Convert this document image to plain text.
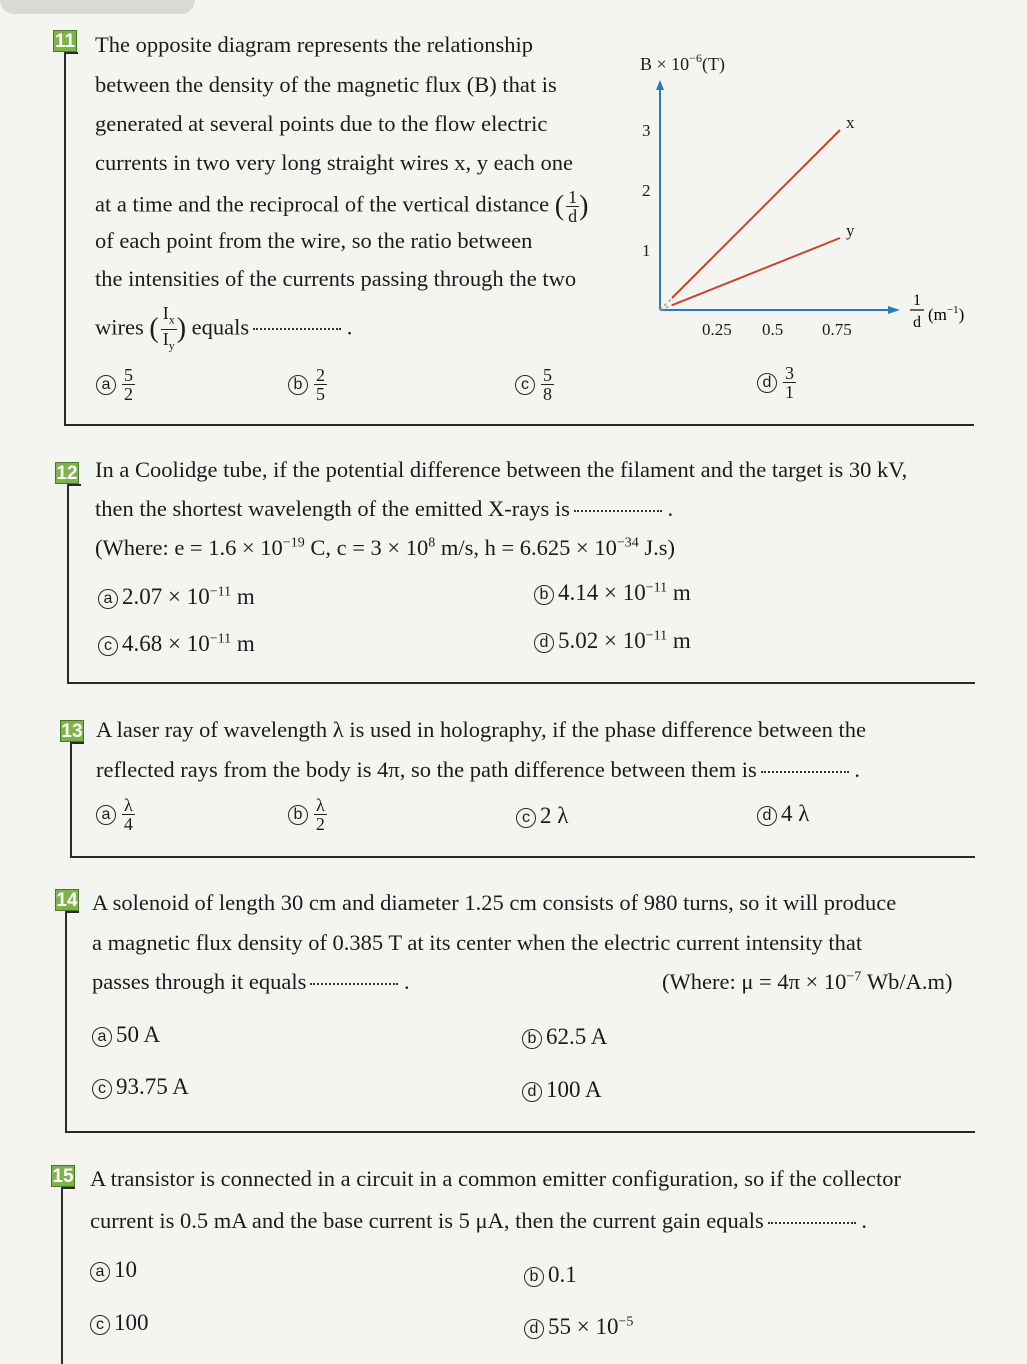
11 The opposite diagram represents the relationship
between the density of the magnetic flux (B) that is
generated at several points due to the flow electric
currents in two very long straight wires x, y each one
at a time and the reciprocal of the vertical distance ( $\frac{1}{d}$ )
of each point from the wire, so the ratio between
the intensities of the currents passing through the two
wires ( $\frac{I_x}{I_y}$ ) equals	.
a $\frac{5}{2}$	b $\frac{2}{5}$	c $\frac{5}{8}$	d $\frac{3}{1}$
$B \times 10^{-6}(T)$
1
2
3
0.25 0.5 0.75
x
y
1
d $(m^{-1})$
12 In a Coolidge tube, if the potential difference between the filament and the target is 30 kV,
then the shortest wavelength of the emitted X-rays is	.
(Where: $e = 1.6 \times 10^{-19}$ C, $c = 3 \times 10^8$ m/s, $h = 6.625 \times 10^{-34}$ J.s)
a $2.07 \times 10^{-11}$ m	b $4.14 \times 10^{-11}$ m
c $4.68 \times 10^{-11}$ m	d $5.02 \times 10^{-11}$ m
13 A laser ray of wavelength λ is used in holography, if the phase difference between the
reflected rays from the body is 4π, so the path difference between them is	.
a $\frac{\lambda}{4}$	b $\frac{\lambda}{2}$	c 2 λ	d 4 λ
14 A solenoid of length 30 cm and diameter 1.25 cm consists of 980 turns, so it will produce
a magnetic flux density of 0.385 T at its center when the electric current intensity that
passes through it equals	.	(Where: $\mu = 4\pi \times 10^{-7}$ Wb/A.m)
a 50 A	b 62.5 A
c 93.75 A	d 100 A
15 A transistor is connected in a circuit in a common emitter configuration, so if the collector
current is 0.5 mA and the base current is 5 μA, then the current gain equals	.
a 10	b 0.1
c 100	d $55 \times 10^{-5}$
